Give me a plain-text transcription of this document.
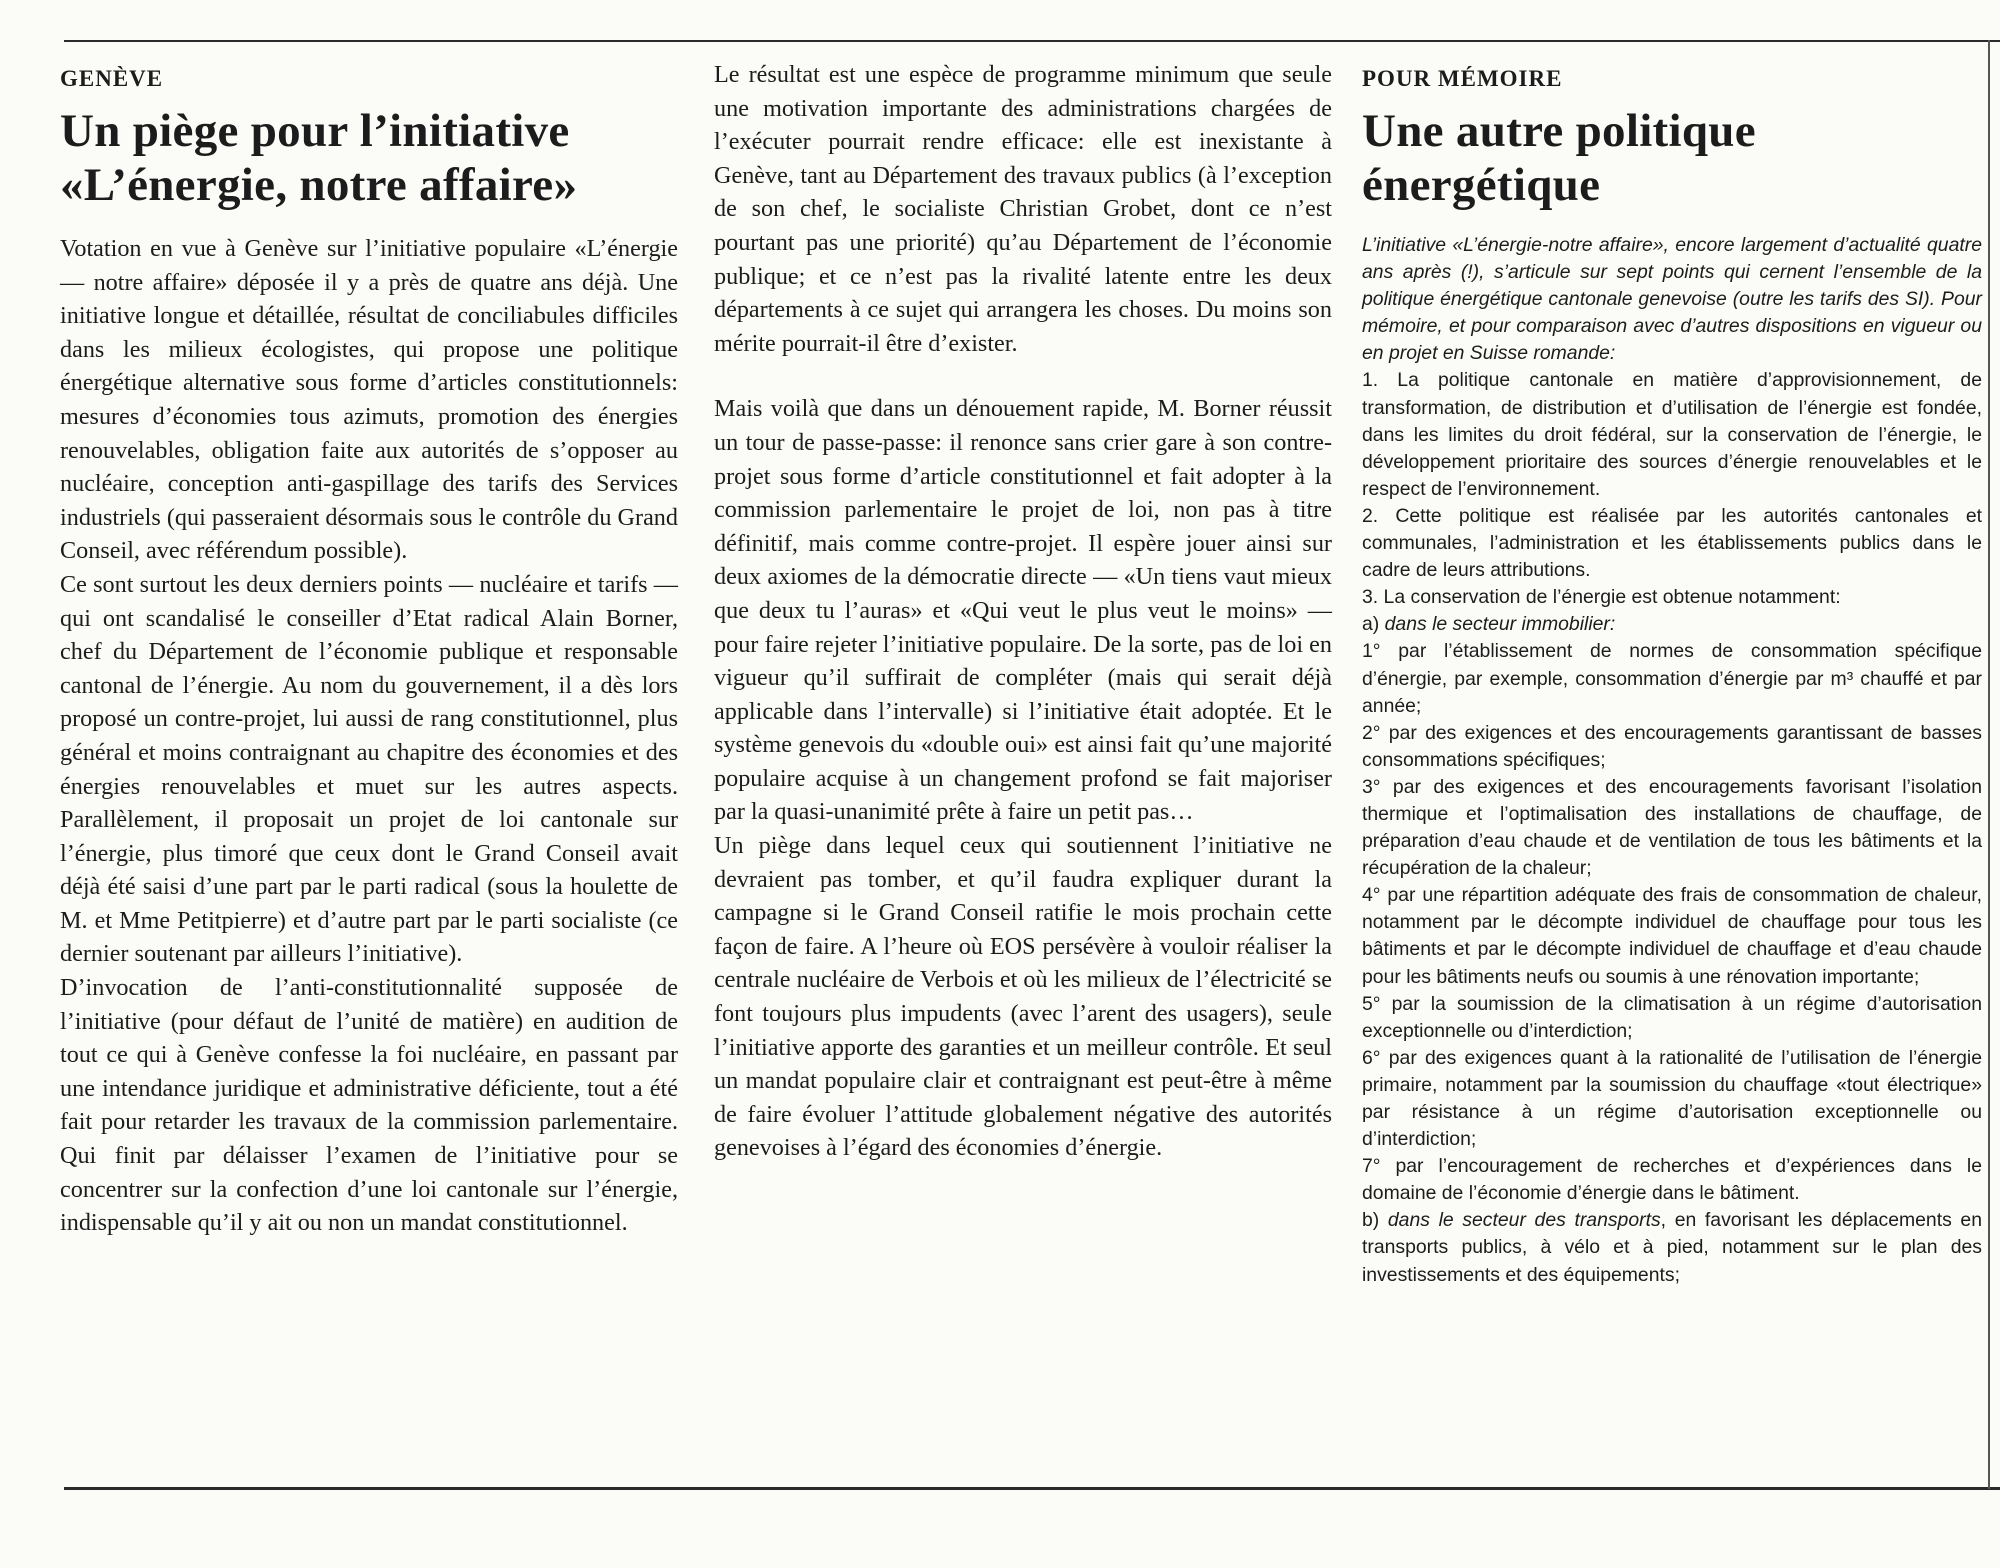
GENÈVE
Un piège pour l’initiative
«L’énergie, notre affaire»

Votation en vue à Genève sur l’initiative populaire «L’énergie — notre affaire» déposée il y a près de quatre ans déjà. Une initiative longue et détaillée, résultat de conciliabules difficiles dans les milieux écologistes, qui propose une politique énergétique alternative sous forme d’articles constitutionnels: mesures d’économies tous azimuts, promotion des énergies renouvelables, obligation faite aux autorités de s’opposer au nucléaire, conception anti-gaspillage des tarifs des Services industriels (qui passeraient désormais sous le contrôle du Grand Conseil, avec référendum possible).

Ce sont surtout les deux derniers points — nucléaire et tarifs — qui ont scandalisé le conseiller d’Etat radical Alain Borner, chef du Département de l’économie publique et responsable cantonal de l’énergie. Au nom du gouvernement, il a dès lors proposé un contre-projet, lui aussi de rang constitutionnel, plus général et moins contraignant au chapitre des économies et des énergies renouvelables et muet sur les autres aspects. Parallèlement, il proposait un projet de loi cantonale sur l’énergie, plus timoré que ceux dont le Grand Conseil avait déjà été saisi d’une part par le parti radical (sous la houlette de M. et Mme Petitpierre) et d’autre part par le parti socialiste (ce dernier soutenant par ailleurs l’initiative).

D’invocation de l’anti-constitutionnalité supposée de l’initiative (pour défaut de l’unité de matière) en audition de tout ce qui à Genève confesse la foi nucléaire, en passant par une intendance juridique et administrative déficiente, tout a été fait pour retarder les travaux de la commission parlementaire. Qui finit par délaisser l’examen de l’initiative pour se concentrer sur la confection d’une loi cantonale sur l’énergie, indispensable qu’il y ait ou non un mandat constitutionnel.

Le résultat est une espèce de programme minimum que seule une motivation importante des administrations chargées de l’exécuter pourrait rendre efficace: elle est inexistante à Genève, tant au Département des travaux publics (à l’exception de son chef, le socialiste Christian Grobet, dont ce n’est pourtant pas une priorité) qu’au Département de l’économie publique; et ce n’est pas la rivalité latente entre les deux départements à ce sujet qui arrangera les choses. Du moins son mérite pourrait-il être d’exister.

Mais voilà que dans un dénouement rapide, M. Borner réussit un tour de passe-passe: il renonce sans crier gare à son contre-projet sous forme d’article constitutionnel et fait adopter à la commission parlementaire le projet de loi, non pas à titre définitif, mais comme contre-projet. Il espère jouer ainsi sur deux axiomes de la démocratie directe — «Un tiens vaut mieux que deux tu l’auras» et «Qui veut le plus veut le moins» — pour faire rejeter l’initiative populaire. De la sorte, pas de loi en vigueur qu’il suffirait de compléter (mais qui serait déjà applicable dans l’intervalle) si l’initiative était adoptée. Et le système genevois du «double oui» est ainsi fait qu’une majorité populaire acquise à un changement profond se fait majoriser par la quasi-unanimité prête à faire un petit pas…

Un piège dans lequel ceux qui soutiennent l’initiative ne devraient pas tomber, et qu’il faudra expliquer durant la campagne si le Grand Conseil ratifie le mois prochain cette façon de faire. A l’heure où EOS persévère à vouloir réaliser la centrale nucléaire de Verbois et où les milieux de l’électricité se font toujours plus impudents (avec l’arent des usagers), seule l’initiative apporte des garanties et un meilleur contrôle. Et seul un mandat populaire clair et contraignant est peut-être à même de faire évoluer l’attitude globalement négative des autorités genevoises à l’égard des économies d’énergie.

POUR MÉMOIRE
Une autre politique
énergétique

L’initiative «L’énergie-notre affaire», encore largement d’actualité quatre ans après (!), s’articule sur sept points qui cernent l’ensemble de la politique énergétique cantonale genevoise (outre les tarifs des SI). Pour mémoire, et pour comparaison avec d’autres dispositions en vigueur ou en projet en Suisse romande:

1. La politique cantonale en matière d’approvisionnement, de transformation, de distribution et d’utilisation de l’énergie est fondée, dans les limites du droit fédéral, sur la conservation de l’énergie, le développement prioritaire des sources d’énergie renouvelables et le respect de l’environnement.

2. Cette politique est réalisée par les autorités cantonales et communales, l’administration et les établissements publics dans le cadre de leurs attributions.

3. La conservation de l’énergie est obtenue notamment:

a) dans le secteur immobilier:

1° par l’établissement de normes de consommation spécifique d’énergie, par exemple, consommation d’énergie par m³ chauffé et par année;

2° par des exigences et des encouragements garantissant de basses consommations spécifiques;

3° par des exigences et des encouragements favorisant l’isolation thermique et l’optimalisation des installations de chauffage, de préparation d’eau chaude et de ventilation de tous les bâtiments et la récupération de la chaleur;

4° par une répartition adéquate des frais de consommation de chaleur, notamment par le décompte individuel de chauffage pour tous les bâtiments et par le décompte individuel de chauffage et d’eau chaude pour les bâtiments neufs ou soumis à une rénovation importante;

5° par la soumission de la climatisation à un régime d’autorisation exceptionnelle ou d’interdiction;

6° par des exigences quant à la rationalité de l’utilisation de l’énergie primaire, notamment par la soumission du chauffage «tout électrique» par résistance à un régime d’autorisation exceptionnelle ou d’interdiction;

7° par l’encouragement de recherches et d’expériences dans le domaine de l’économie d’énergie dans le bâtiment.

b) dans le secteur des transports, en favorisant les déplacements en transports publics, à vélo et à pied, notamment sur le plan des investissements et des équipements;
